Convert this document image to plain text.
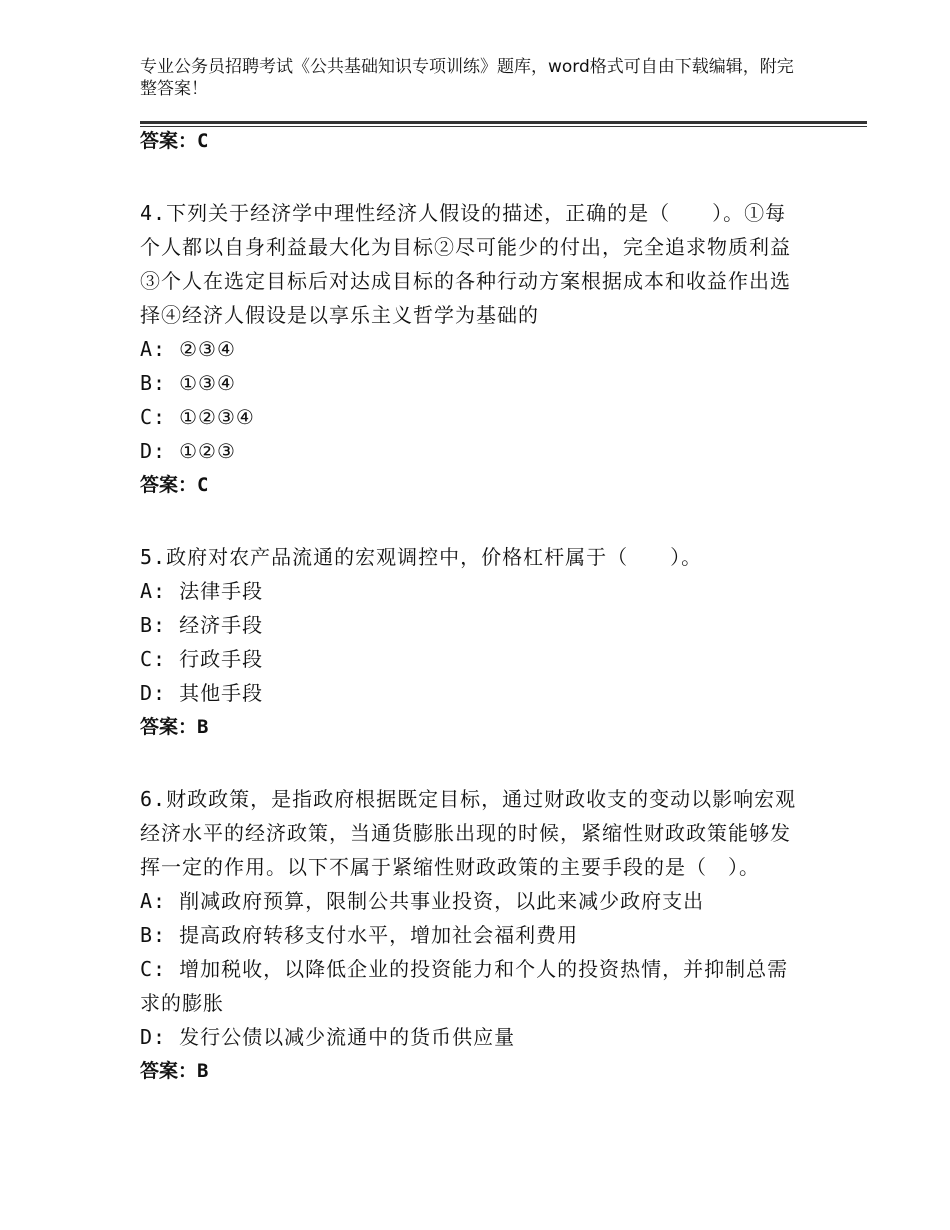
专业公务员招聘考试《公共基础知识专项训练》题库，word格式可自由下载编辑，附完整答案！
答案：C
4.下列关于经济学中理性经济人假设的描述，正确的是（　　）。①每个人都以自身利益最大化为目标②尽可能少的付出，完全追求物质利益③个人在选定目标后对达成目标的各种行动方案根据成本和收益作出选择④经济人假设是以享乐主义哲学为基础的
A: ②③④
B: ①③④
C: ①②③④
D: ①②③
答案：C
5.政府对农产品流通的宏观调控中，价格杠杆属于（　　）。
A: 法律手段
B: 经济手段
C: 行政手段
D: 其他手段
答案：B
6.财政政策，是指政府根据既定目标，通过财政收支的变动以影响宏观经济水平的经济政策，当通货膨胀出现的时候，紧缩性财政政策能够发挥一定的作用。以下不属于紧缩性财政政策的主要手段的是（　）。
A: 削减政府预算，限制公共事业投资，以此来减少政府支出
B: 提高政府转移支付水平，增加社会福利费用
C: 增加税收，以降低企业的投资能力和个人的投资热情，并抑制总需求的膨胀
D: 发行公债以减少流通中的货币供应量
答案：B
